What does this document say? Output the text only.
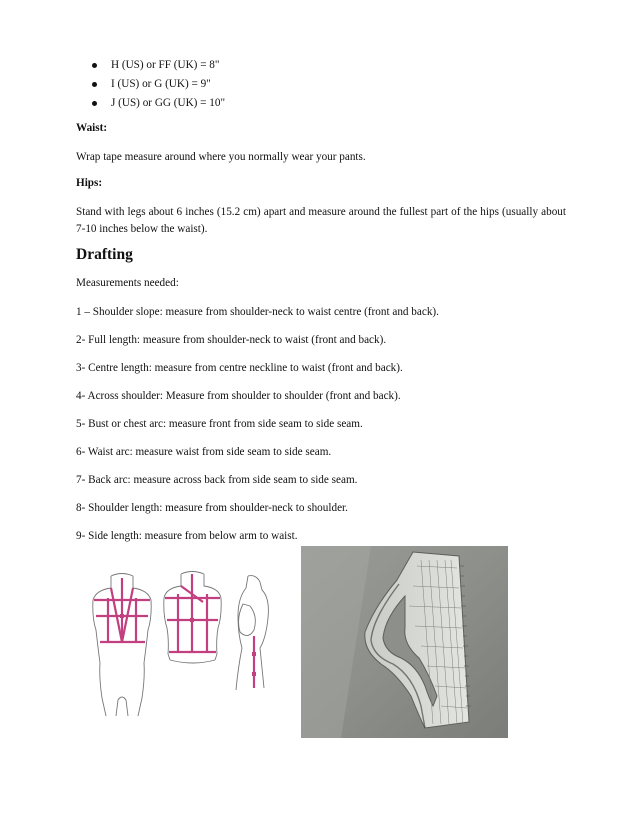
H (US) or FF (UK) = 8"
I (US) or G (UK) = 9"
J (US) or GG (UK) = 10"
Waist:
Wrap tape measure around where you normally wear your pants.
Hips:
Stand with legs about 6 inches (15.2 cm) apart and measure around the fullest part of the hips (usually about 7-10 inches below the waist).
Drafting
Measurements needed:
1 – Shoulder slope: measure from shoulder-neck to waist centre (front and back).
2- Full length: measure from shoulder-neck to waist (front and back).
3- Centre length: measure from centre neckline to waist (front and back).
4- Across shoulder: Measure from shoulder to shoulder (front and back).
5- Bust or chest arc: measure front from side seam to side seam.
6- Waist arc: measure waist from side seam to side seam.
7- Back arc: measure across back from side seam to side seam.
8- Shoulder length: measure from shoulder-neck to shoulder.
9- Side length: measure from below arm to waist.
